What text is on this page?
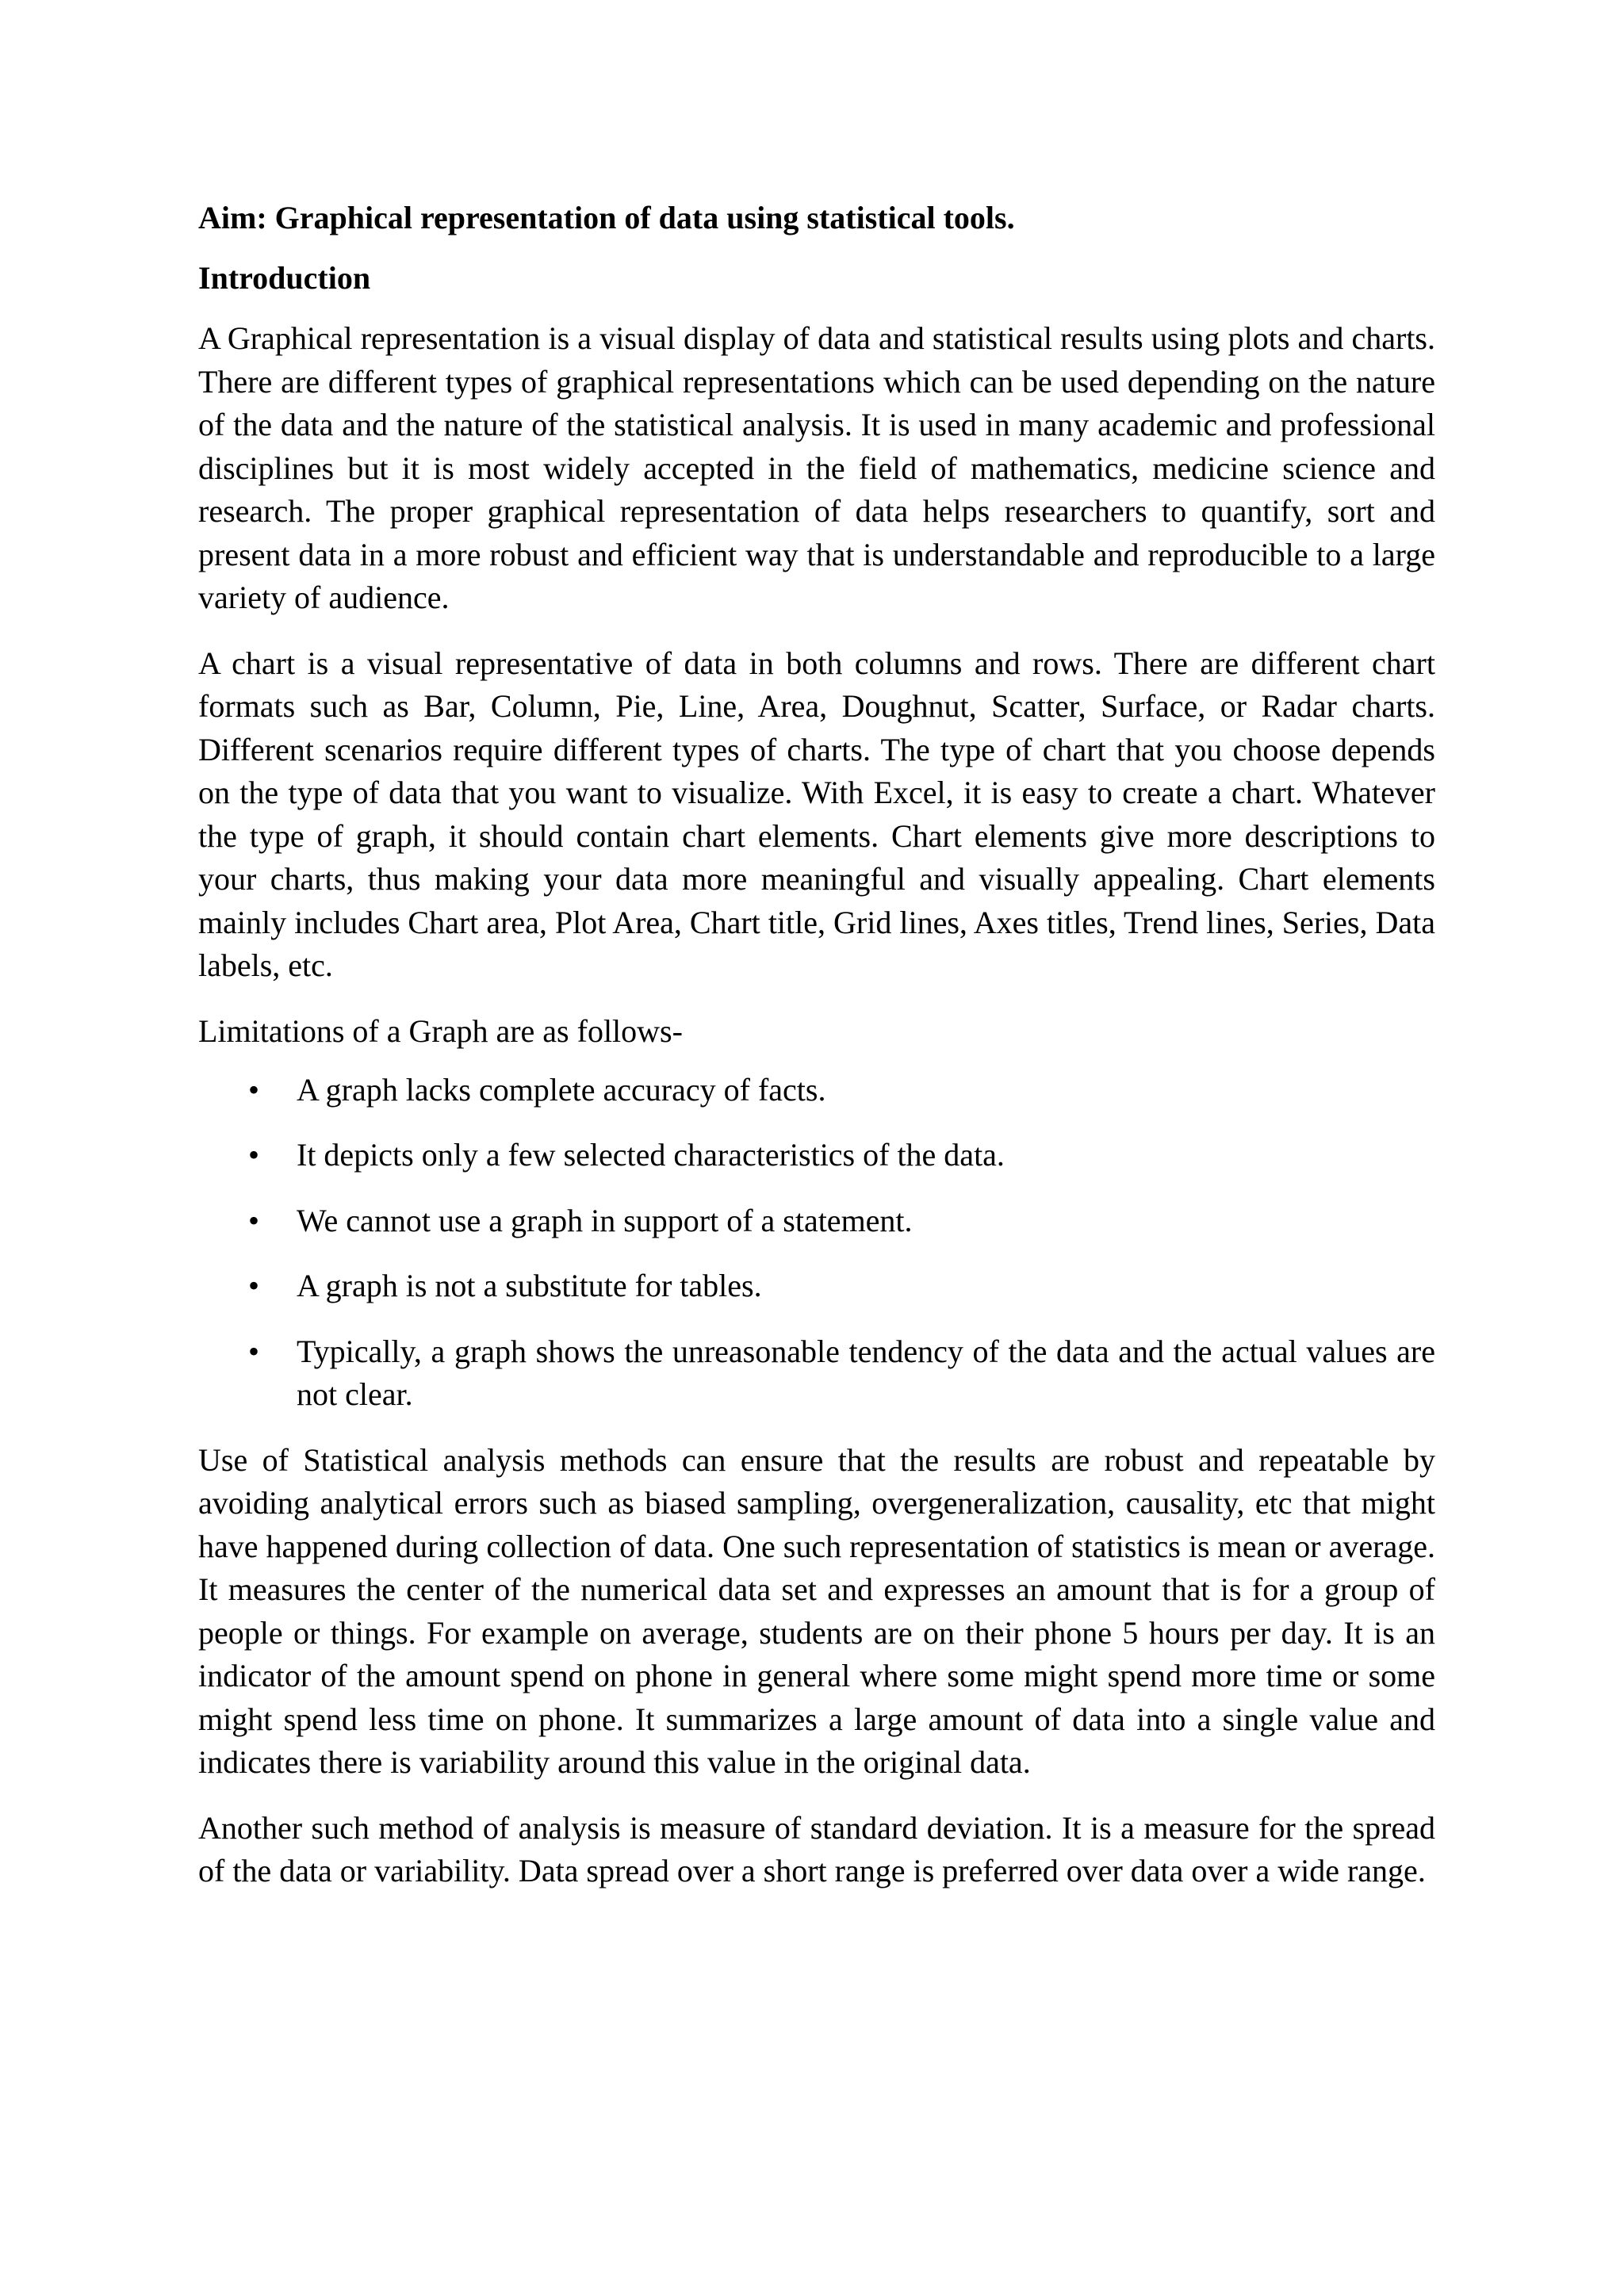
Aim: Graphical representation of data using statistical tools.

Introduction

A Graphical representation is a visual display of data and statistical results using plots and charts. There are different types of graphical representations which can be used depending on the nature of the data and the nature of the statistical analysis. It is used in many academic and professional disciplines but it is most widely accepted in the field of mathematics, medicine science and research. The proper graphical representation of data helps researchers to quantify, sort and present data in a more robust and efficient way that is understandable and reproducible to a large variety of audience.

A chart is a visual representative of data in both columns and rows. There are different chart formats such as Bar, Column, Pie, Line, Area, Doughnut, Scatter, Surface, or Radar charts. Different scenarios require different types of charts. The type of chart that you choose depends on the type of data that you want to visualize. With Excel, it is easy to create a chart. Whatever the type of graph, it should contain chart elements. Chart elements give more descriptions to your charts, thus making your data more meaningful and visually appealing. Chart elements mainly includes Chart area, Plot Area, Chart title, Grid lines, Axes titles, Trend lines, Series, Data labels, etc.

Limitations of a Graph are as follows-

• A graph lacks complete accuracy of facts.
• It depicts only a few selected characteristics of the data.
• We cannot use a graph in support of a statement.
• A graph is not a substitute for tables.
• Typically, a graph shows the unreasonable tendency of the data and the actual values are not clear.

Use of Statistical analysis methods can ensure that the results are robust and repeatable by avoiding analytical errors such as biased sampling, overgeneralization, causality, etc that might have happened during collection of data. One such representation of statistics is mean or average. It measures the center of the numerical data set and expresses an amount that is for a group of people or things. For example on average, students are on their phone 5 hours per day. It is an indicator of the amount spend on phone in general where some might spend more time or some might spend less time on phone. It summarizes a large amount of data into a single value and indicates there is variability around this value in the original data.

Another such method of analysis is measure of standard deviation. It is a measure for the spread of the data or variability. Data spread over a short range is preferred over data over a wide range.
